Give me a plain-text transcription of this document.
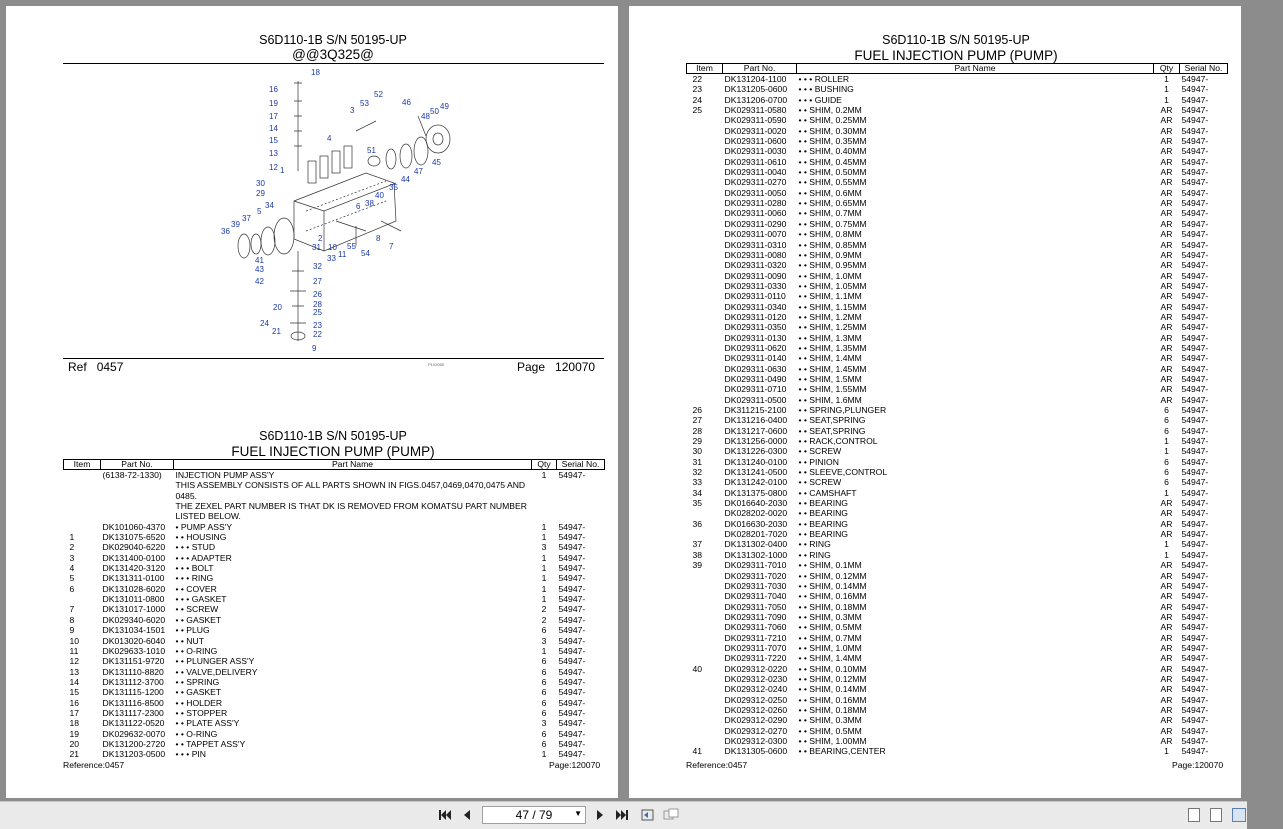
S6D110-1B S/N 50195-UP
@@3Q325@
18
16
19
17
14
15
13
12 1
30
29
5
34
37
39
36
2
31 10
33
41
43
42
32
27
26
28
25
20
24	23
21	22
9
3
53
52
4
51
46
48
50
49
45
47
44
35
40
38
6
55
11 54
8
7
P102055
Ref 0457	Page 120070
S6D110-1B S/N 50195-UP
FUEL INJECTION PUMP (PUMP)
Item	Part No.	Part Name	Qty	Serial No.
	(6138-72-1330)	INJECTION PUMP ASS'Y	1	54947-
		THIS ASSEMBLY CONSISTS OF ALL PARTS SHOWN IN FIGS.0457,0469,0470,0475 AND 0485.		
		THE ZEXEL PART NUMBER IS THAT DK IS REMOVED FROM KOMATSU PART NUMBER LISTED BELOW.		
	DK101060-4370	• PUMP ASS'Y	1	54947-
1	DK131075-6520	• • HOUSING	1	54947-
2	DK029040-6220	• • • STUD	3	54947-
3	DK131400-0100	• • • ADAPTER	1	54947-
4	DK131420-3120	• • • BOLT	1	54947-
5	DK131311-0100	• • • RING	1	54947-
6	DK131028-6020	• • COVER	1	54947-
	DK131011-0800	• • • GASKET	1	54947-
7	DK131017-1000	• • SCREW	2	54947-
8	DK029340-6020	• • GASKET	2	54947-
9	DK131034-1501	• • PLUG	6	54947-
10	DK013020-6040	• • NUT	3	54947-
11	DK029633-1010	• • O-RING	1	54947-
12	DK131151-9720	• • PLUNGER ASS'Y	6	54947-
13	DK131110-8820	• • VALVE,DELIVERY	6	54947-
14	DK131112-3700	• • SPRING	6	54947-
15	DK131115-1200	• • GASKET	6	54947-
16	DK131116-8500	• • HOLDER	6	54947-
17	DK131117-2300	• • STOPPER	6	54947-
18	DK131122-0520	• • PLATE ASS'Y	3	54947-
19	DK029632-0070	• • O-RING	6	54947-
20	DK131200-2720	• • TAPPET ASS'Y	6	54947-
21	DK131203-0500	• • • PIN	1	54947-
Reference:0457	Page:120070
S6D110-1B S/N 50195-UP
FUEL INJECTION PUMP (PUMP)
Item	Part No.	Part Name	Qty	Serial No.
22	DK131204-1100	• • • ROLLER	1	54947-
23	DK131205-0600	• • • BUSHING	1	54947-
24	DK131206-0700	• • • GUIDE	1	54947-
25	DK029311-0580	• • SHIM, 0.2MM	AR	54947-
	DK029311-0590	• • SHIM, 0.25MM	AR	54947-
	DK029311-0020	• • SHIM, 0.30MM	AR	54947-
	DK029311-0600	• • SHIM, 0.35MM	AR	54947-
	DK029311-0030	• • SHIM, 0.40MM	AR	54947-
	DK029311-0610	• • SHIM, 0.45MM	AR	54947-
	DK029311-0040	• • SHIM, 0.50MM	AR	54947-
	DK029311-0270	• • SHIM, 0.55MM	AR	54947-
	DK029311-0050	• • SHIM, 0.6MM	AR	54947-
	DK029311-0280	• • SHIM, 0.65MM	AR	54947-
	DK029311-0060	• • SHIM, 0.7MM	AR	54947-
	DK029311-0290	• • SHIM, 0.75MM	AR	54947-
	DK029311-0070	• • SHIM, 0.8MM	AR	54947-
	DK029311-0310	• • SHIM, 0.85MM	AR	54947-
	DK029311-0080	• • SHIM, 0.9MM	AR	54947-
	DK029311-0320	• • SHIM, 0.95MM	AR	54947-
	DK029311-0090	• • SHIM, 1.0MM	AR	54947-
	DK029311-0330	• • SHIM, 1.05MM	AR	54947-
	DK029311-0110	• • SHIM, 1.1MM	AR	54947-
	DK029311-0340	• • SHIM, 1.15MM	AR	54947-
	DK029311-0120	• • SHIM, 1.2MM	AR	54947-
	DK029311-0350	• • SHIM, 1.25MM	AR	54947-
	DK029311-0130	• • SHIM, 1.3MM	AR	54947-
	DK029311-0620	• • SHIM, 1.35MM	AR	54947-
	DK029311-0140	• • SHIM, 1.4MM	AR	54947-
	DK029311-0630	• • SHIM, 1.45MM	AR	54947-
	DK029311-0490	• • SHIM, 1.5MM	AR	54947-
	DK029311-0710	• • SHIM, 1.55MM	AR	54947-
	DK029311-0500	• • SHIM, 1.6MM	AR	54947-
26	DK311215-2100	• • SPRING,PLUNGER	6	54947-
27	DK131216-0400	• • SEAT,SPRING	6	54947-
28	DK131217-0600	• • SEAT,SPRING	6	54947-
29	DK131256-0000	• • RACK,CONTROL	1	54947-
30	DK131226-0300	• • SCREW	1	54947-
31	DK131240-0100	• • PINION	6	54947-
32	DK131241-0500	• • SLEEVE,CONTROL	6	54947-
33	DK131242-0100	• • SCREW	6	54947-
34	DK131375-0800	• • CAMSHAFT	1	54947-
35	DK016640-2030	• • BEARING	AR	54947-
	DK028202-0020	• • BEARING	AR	54947-
36	DK016630-2030	• • BEARING	AR	54947-
	DK028201-7020	• • BEARING	AR	54947-
37	DK131302-0400	• • RING	1	54947-
38	DK131302-1000	• • RING	1	54947-
39	DK029311-7010	• • SHIM, 0.1MM	AR	54947-
	DK029311-7020	• • SHIM, 0.12MM	AR	54947-
	DK029311-7030	• • SHIM, 0.14MM	AR	54947-
	DK029311-7040	• • SHIM, 0.16MM	AR	54947-
	DK029311-7050	• • SHIM, 0.18MM	AR	54947-
	DK029311-7090	• • SHIM, 0.3MM	AR	54947-
	DK029311-7060	• • SHIM, 0.5MM	AR	54947-
	DK029311-7210	• • SHIM, 0.7MM	AR	54947-
	DK029311-7070	• • SHIM, 1.0MM	AR	54947-
	DK029311-7220	• • SHIM, 1.4MM	AR	54947-
40	DK029312-0220	• • SHIM, 0.10MM	AR	54947-
	DK029312-0230	• • SHIM, 0.12MM	AR	54947-
	DK029312-0240	• • SHIM, 0.14MM	AR	54947-
	DK029312-0250	• • SHIM, 0.16MM	AR	54947-
	DK029312-0260	• • SHIM, 0.18MM	AR	54947-
	DK029312-0290	• • SHIM, 0.3MM	AR	54947-
	DK029312-0270	• • SHIM, 0.5MM	AR	54947-
	DK029312-0300	• • SHIM, 1.00MM	AR	54947-
41	DK131305-0600	• • BEARING,CENTER	1	54947-
Reference:0457	Page:120070
47 / 79	▼
